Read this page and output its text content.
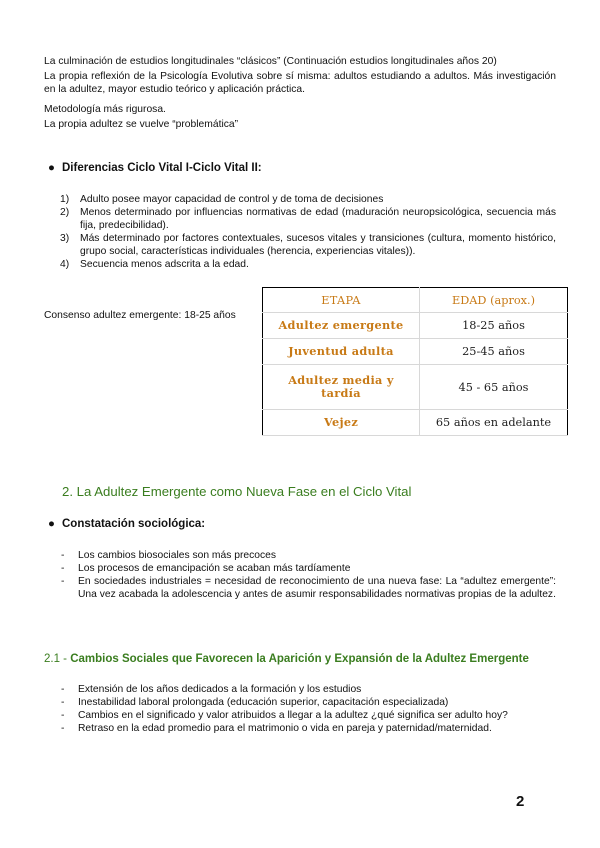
La culminación de estudios longitudinales “clásicos” (Continuación estudios longitudinales años 20)

La propia reflexión de la Psicología Evolutiva sobre sí misma: adultos estudiando a adultos. Más investigación en la adultez, mayor estudio teórico y aplicación práctica.

Metodología más rigurosa.

La propia adultez se vuelve “problemática”

● Diferencias Ciclo Vital I-Ciclo Vital II:
1) Adulto posee mayor capacidad de control y de toma de decisiones
2) Menos determinado por influencias normativas de edad (maduración neuropsicológica, secuencia más fija, predecibilidad).
3) Más determinado por factores contextuales, sucesos vitales y transiciones (cultura, momento histórico, grupo social, características individuales (herencia, experiencias vitales)).
4) Secuencia menos adscrita a la edad.

Consenso adultez emergente: 18-25 años

ETAPA	EDAD (aprox.)
Adultez emergente	18-25 años
Juventud adulta	25-45 años
Adultez media y tardía	45 - 65 años
Vejez	65 años en adelante
2. La Adultez Emergente como Nueva Fase en el Ciclo Vital
● Constatación sociológica:
- Los cambios biosociales son más precoces
- Los procesos de emancipación se acaban más tardíamente
- En sociedades industriales = necesidad de reconocimiento de una nueva fase: La “adultez emergente”: Una vez acabada la adolescencia y antes de asumir responsabilidades normativas propias de la adultez.
2.1 - Cambios Sociales que Favorecen la Aparición y Expansión de la Adultez Emergente
- Extensión de los años dedicados a la formación y los estudios
- Inestabilidad laboral prolongada (educación superior, capacitación especializada)
- Cambios en el significado y valor atribuidos a llegar a la adultez ¿qué significa ser adulto hoy?
- Retraso en la edad promedio para el matrimonio o vida en pareja y paternidad/maternidad.
2
